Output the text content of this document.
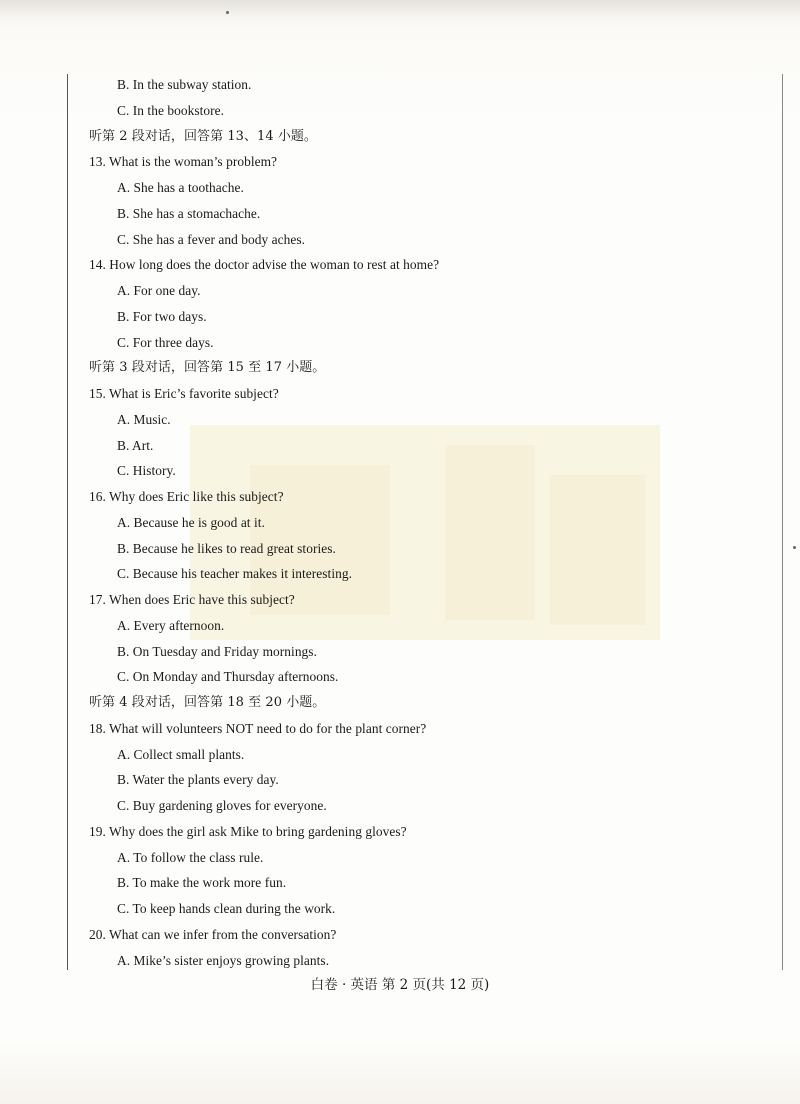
B. In the subway station.
C. In the bookstore.
听第 2 段对话，回答第 13、14 小题。
13. What is the woman’s problem?
A. She has a toothache.
B. She has a stomachache.
C. She has a fever and body aches.
14. How long does the doctor advise the woman to rest at home?
A. For one day.
B. For two days.
C. For three days.
听第 3 段对话，回答第 15 至 17 小题。
15. What is Eric’s favorite subject?
A. Music.
B. Art.
C. History.
16. Why does Eric like this subject?
A. Because he is good at it.
B. Because he likes to read great stories.
C. Because his teacher makes it interesting.
17. When does Eric have this subject?
A. Every afternoon.
B. On Tuesday and Friday mornings.
C. On Monday and Thursday afternoons.
听第 4 段对话，回答第 18 至 20 小题。
18. What will volunteers NOT need to do for the plant corner?
A. Collect small plants.
B. Water the plants every day.
C. Buy gardening gloves for everyone.
19. Why does the girl ask Mike to bring gardening gloves?
A. To follow the class rule.
B. To make the work more fun.
C. To keep hands clean during the work.
20. What can we infer from the conversation?
A. Mike’s sister enjoys growing plants.
白卷 · 英语 第 2 页(共 12 页)
